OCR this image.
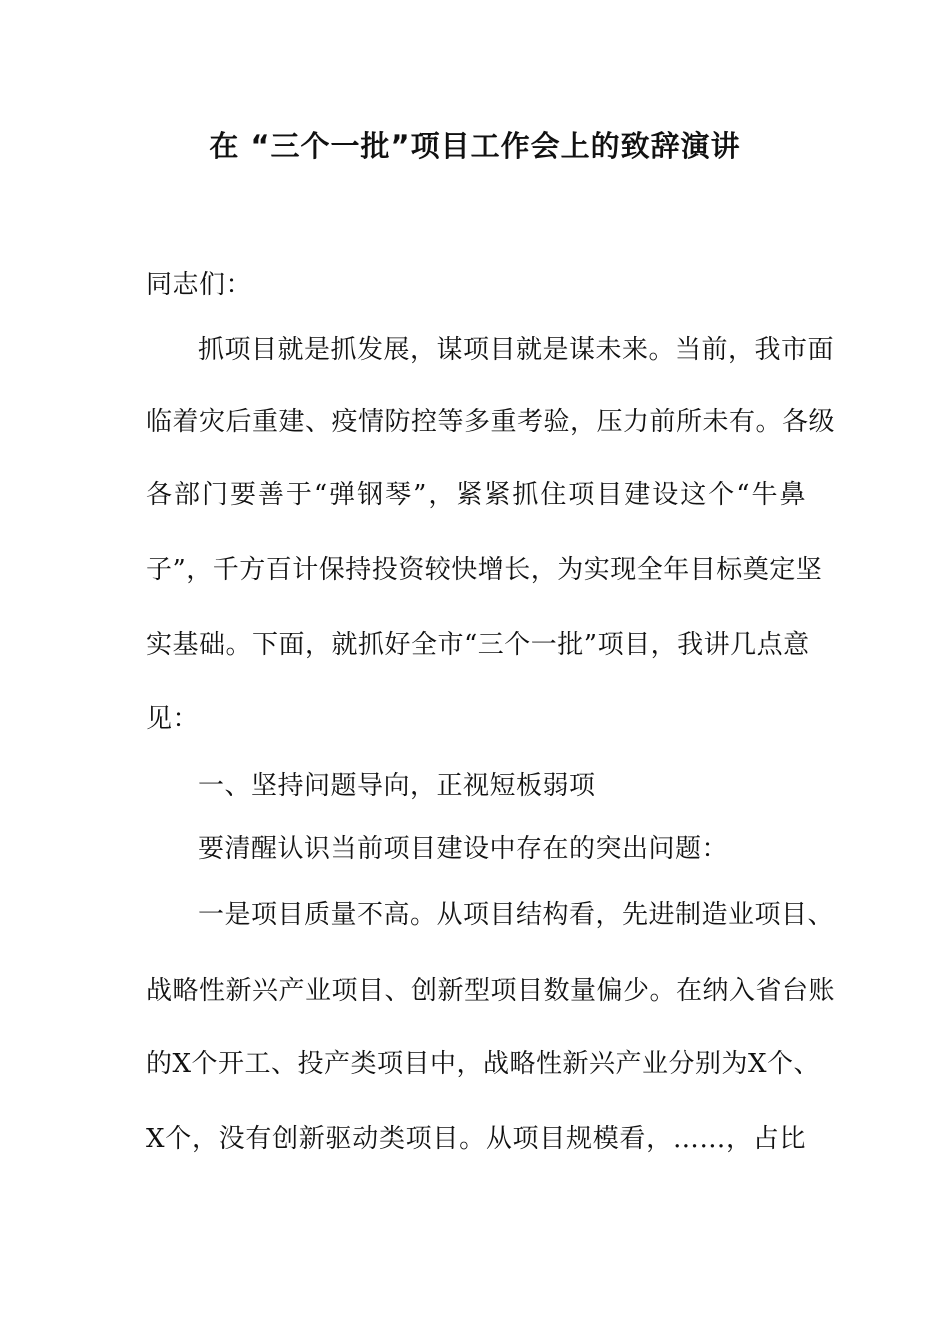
在 “三个一批”项目工作会上的致辞演讲
同志们：
抓项目就是抓发展，谋项目就是谋未来。当前，我市面
临着灾后重建、疫情防控等多重考验，压力前所未有。各级
各部门要善于“弹钢琴”，紧紧抓住项目建设这个“牛鼻
子”，千方百计保持投资较快增长，为实现全年目标奠定坚
实基础。下面，就抓好全市“三个一批”项目，我讲几点意
见：
一、坚持问题导向，正视短板弱项
要清醒认识当前项目建设中存在的突出问题：
一是项目质量不高。从项目结构看，先进制造业项目、
战略性新兴产业项目、创新型项目数量偏少。在纳入省台账
的X个开工、投产类项目中，战略性新兴产业分别为X个、
X个，没有创新驱动类项目。从项目规模看，……，占比
